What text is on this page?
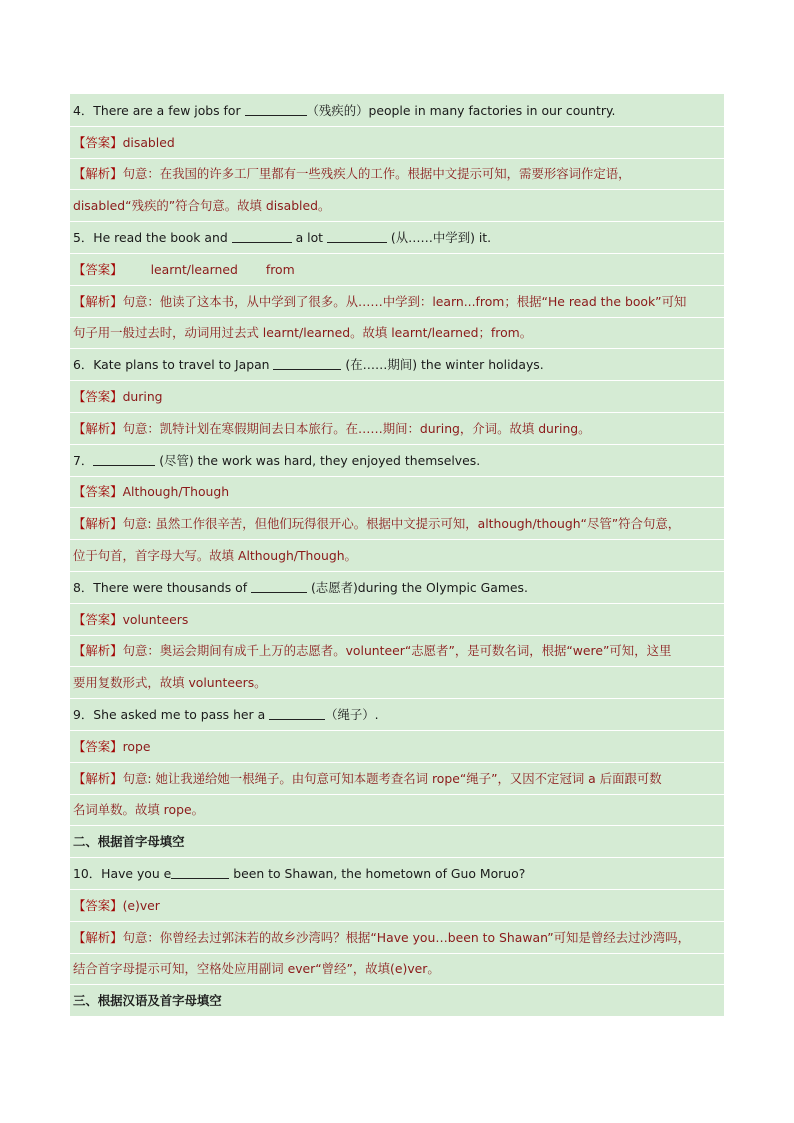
4．There are a few jobs for	（残疾的）people in many factories in our country.
【答案】disabled
【解析】句意：在我国的许多工厂里都有一些残疾人的工作。根据中文提示可知，需要形容词作定语，
disabled“残疾的”符合句意。故填 disabled。
5．He read the book and	a lot	(从……中学到) it.
【答案】 learnt/learned from
【解析】句意：他读了这本书，从中学到了很多。从……中学到：learn...from；根据“He read the book”可知
句子用一般过去时，动词用过去式 learnt/learned。故填 learnt/learned；from。
6．Kate plans to travel to Japan	(在……期间) the winter holidays.
【答案】during
【解析】句意：凯特计划在寒假期间去日本旅行。在……期间：during，介词。故填 during。
7．	(尽管) the work was hard, they enjoyed themselves.
【答案】Although/Though
【解析】句意: 虽然工作很辛苦，但他们玩得很开心。根据中文提示可知，although/though“尽管”符合句意，
位于句首，首字母大写。故填 Although/Though。
8．There were thousands of	(志愿者)during the Olympic Games.
【答案】volunteers
【解析】句意：奥运会期间有成千上万的志愿者。volunteer“志愿者”，是可数名词，根据“were”可知，这里
要用复数形式，故填 volunteers。
9．She asked me to pass her a	（绳子）.
【答案】rope
【解析】句意: 她让我递给她一根绳子。由句意可知本题考查名词 rope“绳子”，又因不定冠词 a 后面跟可数
名词单数。故填 rope。
二、根据首字母填空
10．Have you e	been to Shawan, the hometown of Guo Moruo?
【答案】(e)ver
【解析】句意：你曾经去过郭沫若的故乡沙湾吗？根据“Have you…been to Shawan”可知是曾经去过沙湾吗，
结合首字母提示可知，空格处应用副词 ever“曾经”，故填(e)ver。
三、根据汉语及首字母填空
